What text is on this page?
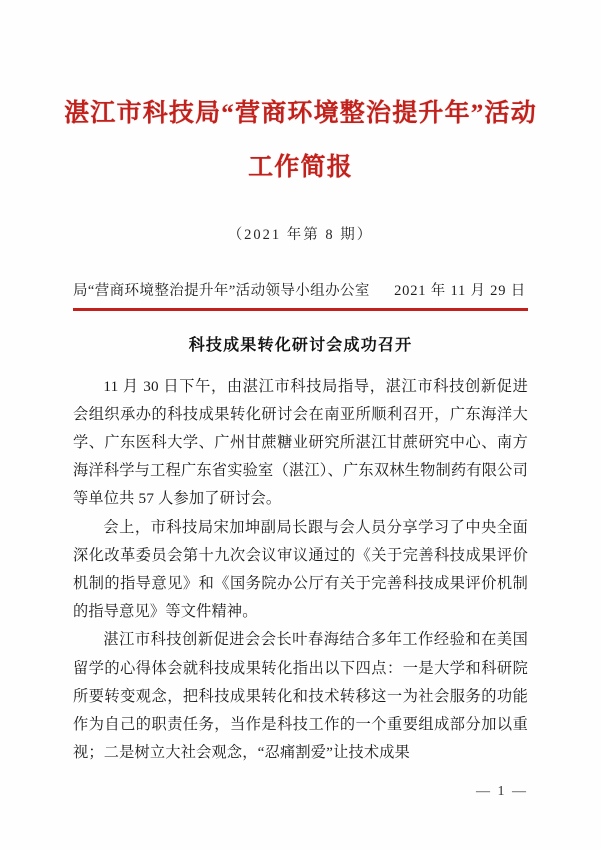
湛江市科技局“营商环境整治提升年”活动
工作简报
（2021 年第 8 期）
局“营商环境整治提升年”活动领导小组办公室 2021 年 11 月 29 日
科技成果转化研讨会成功召开

11 月 30 日下午，由湛江市科技局指导，湛江市科技创新促进会组织承办的科技成果转化研讨会在南亚所顺利召开，广东海洋大学、广东医科大学、广州甘蔗糖业研究所湛江甘蔗研究中心、南方海洋科学与工程广东省实验室（湛江）、广东双林生物制药有限公司等单位共 57 人参加了研讨会。

会上，市科技局宋加坤副局长跟与会人员分享学习了中央全面深化改革委员会第十九次会议审议通过的《关于完善科技成果评价机制的指导意见》和《国务院办公厅有关于完善科技成果评价机制的指导意见》等文件精神。

湛江市科技创新促进会会长叶春海结合多年工作经验和在美国留学的心得体会就科技成果转化指出以下四点：一是大学和科研院所要转变观念，把科技成果转化和技术转移这一为社会服务的功能作为自己的职责任务，当作是科技工作的一个重要组成部分加以重视；二是树立大社会观念，“忍痛割爱”让技术成果

— 1 —
